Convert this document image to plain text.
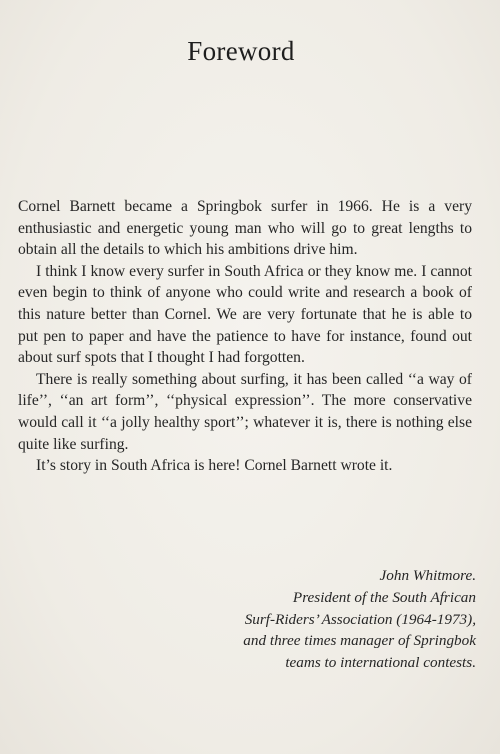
Foreword

Cornel Barnett became a Springbok surfer in 1966. He is a very enthusiastic and energetic young man who will go to great lengths to obtain all the details to which his ambitions drive him.

I think I know every surfer in South Africa or they know me. I cannot even begin to think of anyone who could write and research a book of this nature better than Cornel. We are very fortunate that he is able to put pen to paper and have the patience to have for instance, found out about surf spots that I thought I had forgotten.

There is really something about surfing, it has been called ‘‘a way of life’’, ‘‘an art form’’, ‘‘physical expression’’. The more conservative would call it ‘‘a jolly healthy sport’’; whatever it is, there is nothing else quite like surfing.

It’s story in South Africa is here! Cornel Barnett wrote it.

John Whitmore.
President of the South African
Surf-Riders’ Association (1964-1973),
and three times manager of Springbok
teams to international contests.
